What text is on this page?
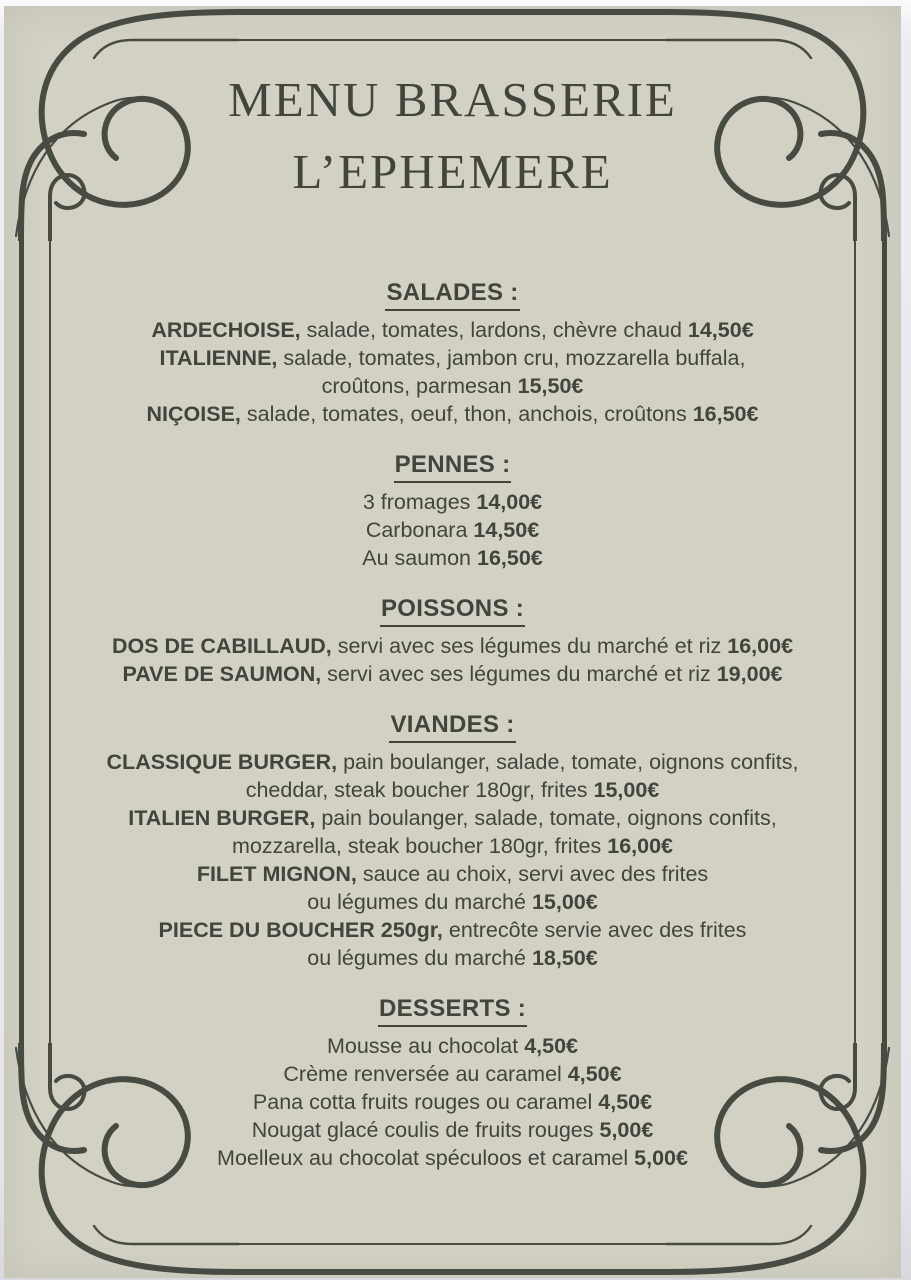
MENU BRASSERIE
L’EPHEMERE
SALADES :
ARDECHOISE, salade, tomates, lardons, chèvre chaud 14,50€
ITALIENNE, salade, tomates, jambon cru, mozzarella buffala,
croûtons, parmesan 15,50€
NIÇOISE, salade, tomates, oeuf, thon, anchois, croûtons 16,50€
PENNES :
3 fromages 14,00€
Carbonara 14,50€
Au saumon 16,50€
POISSONS :
DOS DE CABILLAUD, servi avec ses légumes du marché et riz 16,00€
PAVE DE SAUMON, servi avec ses légumes du marché et riz 19,00€
VIANDES :
CLASSIQUE BURGER, pain boulanger, salade, tomate, oignons confits,
cheddar, steak boucher 180gr, frites 15,00€
ITALIEN BURGER, pain boulanger, salade, tomate, oignons confits,
mozzarella, steak boucher 180gr, frites 16,00€
FILET MIGNON, sauce au choix, servi avec des frites
ou légumes du marché 15,00€
PIECE DU BOUCHER 250gr, entrecôte servie avec des frites
ou légumes du marché 18,50€
DESSERTS :
Mousse au chocolat 4,50€
Crème renversée au caramel 4,50€
Pana cotta fruits rouges ou caramel 4,50€
Nougat glacé coulis de fruits rouges 5,00€
Moelleux au chocolat spéculoos et caramel 5,00€
